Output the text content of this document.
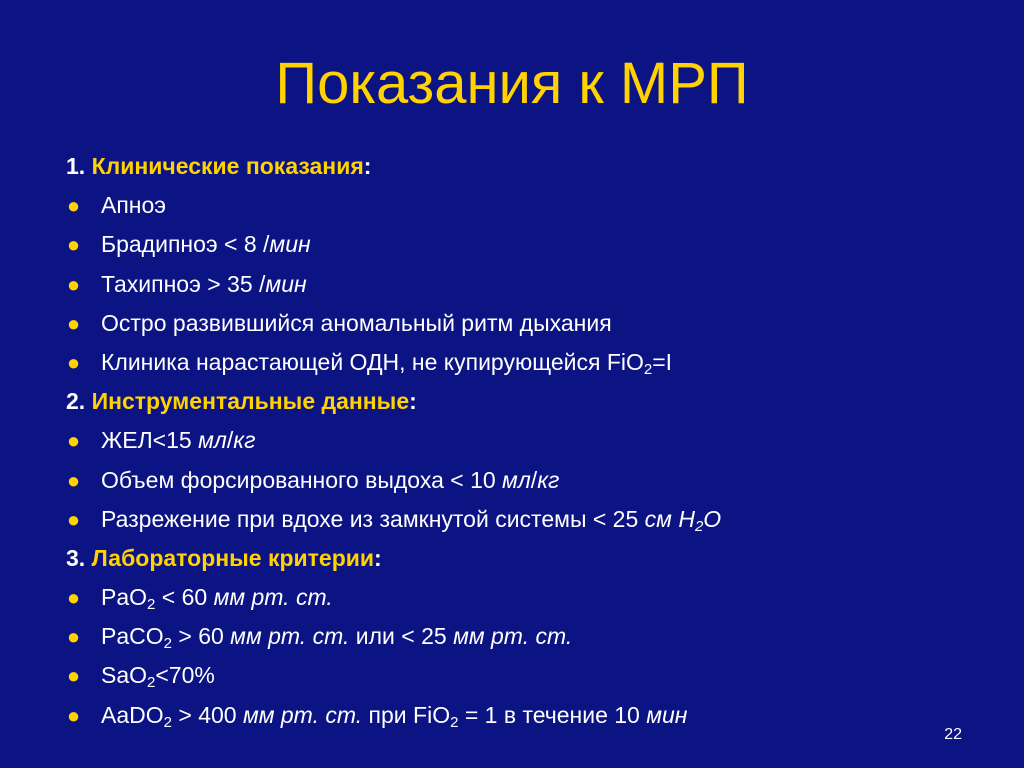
Показания к МРП
1. Клинические показания:
● Апноэ
● Брадипноэ < 8 /мин
● Тахипноэ > 35 /мин
● Остро развившийся аномальный ритм дыхания
● Клиника нарастающей ОДН, не купирующейся FiO$_2$=I
2. Инструментальные данные:
● ЖЕЛ<15 мл/кг
● Объем форсированного выдоха < 10 мл/кг
● Разрежение при вдохе из замкнутой системы < 25 см $H_2O$
3. Лабораторные критерии:
● PaO$_2$ < 60 мм рт. ст.
● PaCO$_2$ > 60 мм рт. ст. или < 25 мм рт. ст.
● SaO$_2$<70%
● AaDO$_2$ > 400 мм рт. ст. при FiO$_2$ = 1 в течение 10 мин
22
